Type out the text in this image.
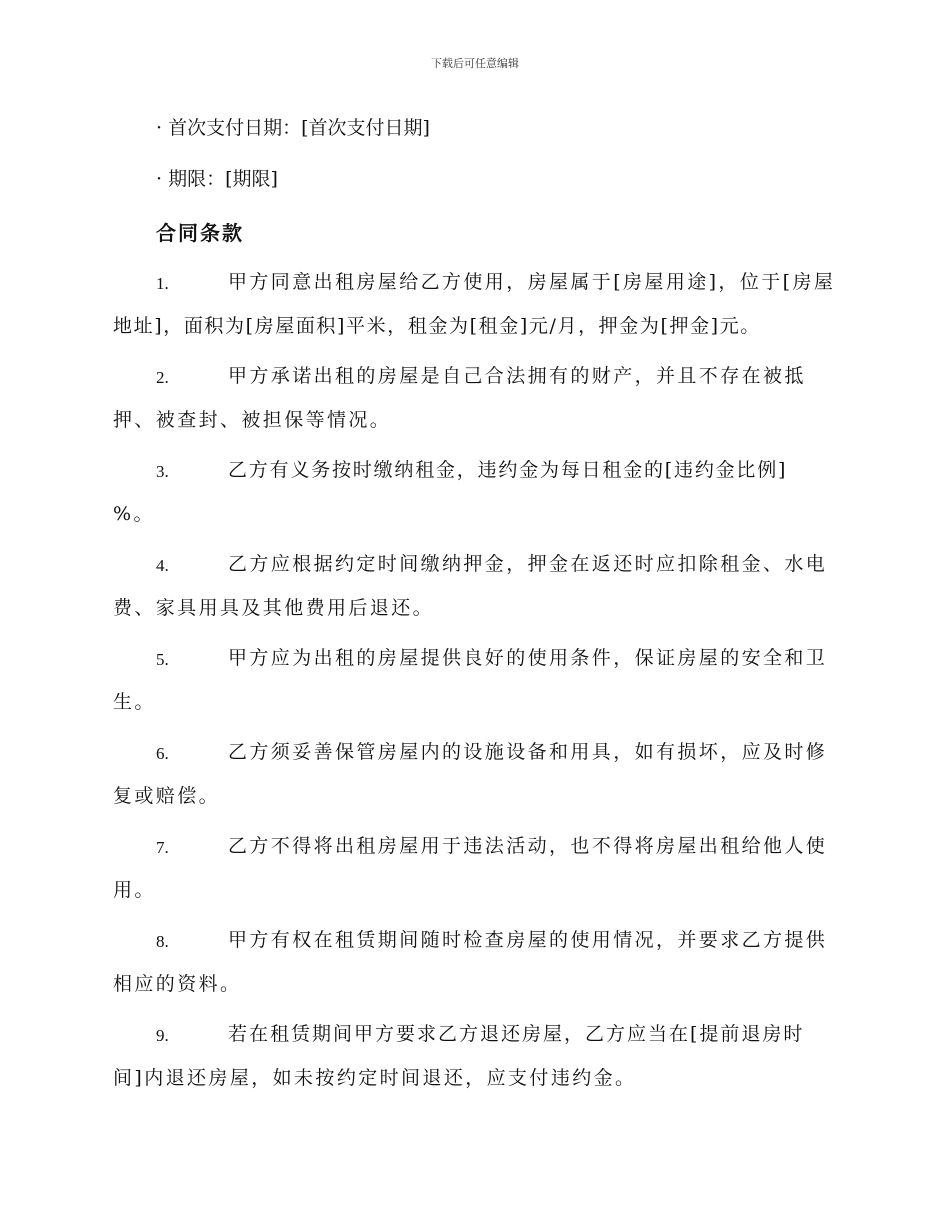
下载后可任意编辑
· 首次支付日期：[首次支付日期]
· 期限：[期限]
合同条款
1.	甲方同意出租房屋给乙方使用，房屋属于[房屋用途]，位于[房屋
地址]，面积为[房屋面积]平米，租金为[租金]元/月，押金为[押金]元。
2.	甲方承诺出租的房屋是自己合法拥有的财产，并且不存在被抵
押、被查封、被担保等情况。
3.	乙方有义务按时缴纳租金，违约金为每日租金的[违约金比例]
%。
4.	乙方应根据约定时间缴纳押金，押金在返还时应扣除租金、水电
费、家具用具及其他费用后退还。
5.	甲方应为出租的房屋提供良好的使用条件，保证房屋的安全和卫
生。
6.	乙方须妥善保管房屋内的设施设备和用具，如有损坏，应及时修
复或赔偿。
7.	乙方不得将出租房屋用于违法活动，也不得将房屋出租给他人使
用。
8.	甲方有权在租赁期间随时检查房屋的使用情况，并要求乙方提供
相应的资料。
9.	若在租赁期间甲方要求乙方退还房屋，乙方应当在[提前退房时
间]内退还房屋，如未按约定时间退还，应支付违约金。
